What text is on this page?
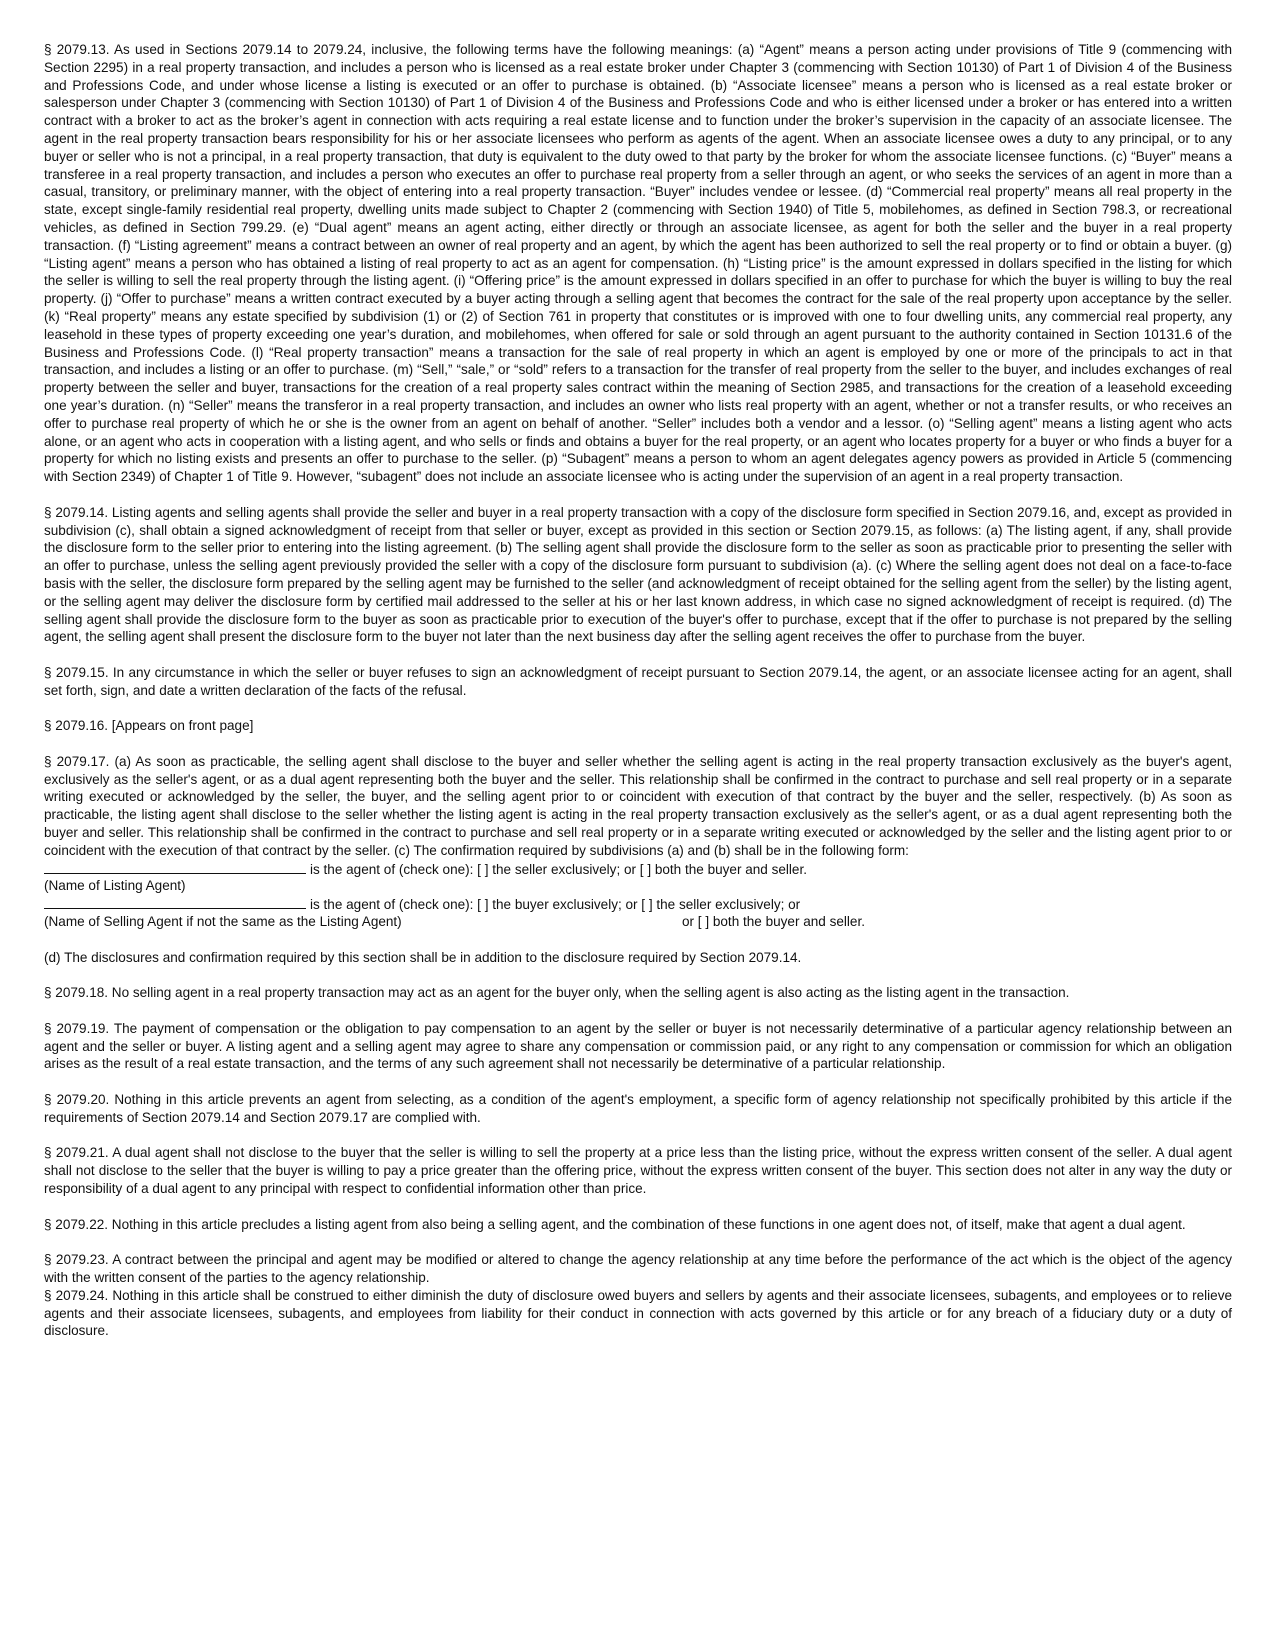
§ 2079.13. As used in Sections 2079.14 to 2079.24, inclusive, the following terms have the following meanings: (a) “Agent” means a person acting under provisions of Title 9 (commencing with Section 2295) in a real property transaction, and includes a person who is licensed as a real estate broker under Chapter 3 (commencing with Section 10130) of Part 1 of Division 4 of the Business and Professions Code, and under whose license a listing is executed or an offer to purchase is obtained. (b) “Associate licensee” means a person who is licensed as a real estate broker or salesperson under Chapter 3 (commencing with Section 10130) of Part 1 of Division 4 of the Business and Professions Code and who is either licensed under a broker or has entered into a written contract with a broker to act as the broker’s agent in connection with acts requiring a real estate license and to function under the broker’s supervision in the capacity of an associate licensee. The agent in the real property transaction bears responsibility for his or her associate licensees who perform as agents of the agent. When an associate licensee owes a duty to any principal, or to any buyer or seller who is not a principal, in a real property transaction, that duty is equivalent to the duty owed to that party by the broker for whom the associate licensee functions. (c) “Buyer” means a transferee in a real property transaction, and includes a person who executes an offer to purchase real property from a seller through an agent, or who seeks the services of an agent in more than a casual, transitory, or preliminary manner, with the object of entering into a real property transaction. “Buyer” includes vendee or lessee. (d) “Commercial real property” means all real property in the state, except single-family residential real property, dwelling units made subject to Chapter 2 (commencing with Section 1940) of Title 5, mobilehomes, as defined in Section 798.3, or recreational vehicles, as defined in Section 799.29. (e) “Dual agent” means an agent acting, either directly or through an associate licensee, as agent for both the seller and the buyer in a real property transaction. (f) “Listing agreement” means a contract between an owner of real property and an agent, by which the agent has been authorized to sell the real property or to find or obtain a buyer. (g) “Listing agent” means a person who has obtained a listing of real property to act as an agent for compensation. (h) “Listing price” is the amount expressed in dollars specified in the listing for which the seller is willing to sell the real property through the listing agent. (i) “Offering price” is the amount expressed in dollars specified in an offer to purchase for which the buyer is willing to buy the real property. (j) “Offer to purchase” means a written contract executed by a buyer acting through a selling agent that becomes the contract for the sale of the real property upon acceptance by the seller. (k) “Real property” means any estate specified by subdivision (1) or (2) of Section 761 in property that constitutes or is improved with one to four dwelling units, any commercial real property, any leasehold in these types of property exceeding one year’s duration, and mobilehomes, when offered for sale or sold through an agent pursuant to the authority contained in Section 10131.6 of the Business and Professions Code. (l) “Real property transaction” means a transaction for the sale of real property in which an agent is employed by one or more of the principals to act in that transaction, and includes a listing or an offer to purchase. (m) “Sell,” “sale,” or “sold” refers to a transaction for the transfer of real property from the seller to the buyer, and includes exchanges of real property between the seller and buyer, transactions for the creation of a real property sales contract within the meaning of Section 2985, and transactions for the creation of a leasehold exceeding one year’s duration. (n) “Seller” means the transferor in a real property transaction, and includes an owner who lists real property with an agent, whether or not a transfer results, or who receives an offer to purchase real property of which he or she is the owner from an agent on behalf of another. “Seller” includes both a vendor and a lessor. (o) “Selling agent” means a listing agent who acts alone, or an agent who acts in cooperation with a listing agent, and who sells or finds and obtains a buyer for the real property, or an agent who locates property for a buyer or who finds a buyer for a property for which no listing exists and presents an offer to purchase to the seller. (p) “Subagent” means a person to whom an agent delegates agency powers as provided in Article 5 (commencing with Section 2349) of Chapter 1 of Title 9. However, “subagent” does not include an associate licensee who is acting under the supervision of an agent in a real property transaction.

§ 2079.14. Listing agents and selling agents shall provide the seller and buyer in a real property transaction with a copy of the disclosure form specified in Section 2079.16, and, except as provided in subdivision (c), shall obtain a signed acknowledgment of receipt from that seller or buyer, except as provided in this section or Section 2079.15, as follows: (a) The listing agent, if any, shall provide the disclosure form to the seller prior to entering into the listing agreement. (b) The selling agent shall provide the disclosure form to the seller as soon as practicable prior to presenting the seller with an offer to purchase, unless the selling agent previously provided the seller with a copy of the disclosure form pursuant to subdivision (a). (c) Where the selling agent does not deal on a face-to-face basis with the seller, the disclosure form prepared by the selling agent may be furnished to the seller (and acknowledgment of receipt obtained for the selling agent from the seller) by the listing agent, or the selling agent may deliver the disclosure form by certified mail addressed to the seller at his or her last known address, in which case no signed acknowledgment of receipt is required. (d) The selling agent shall provide the disclosure form to the buyer as soon as practicable prior to execution of the buyer's offer to purchase, except that if the offer to purchase is not prepared by the selling agent, the selling agent shall present the disclosure form to the buyer not later than the next business day after the selling agent receives the offer to purchase from the buyer.

§ 2079.15. In any circumstance in which the seller or buyer refuses to sign an acknowledgment of receipt pursuant to Section 2079.14, the agent, or an associate licensee acting for an agent, shall set forth, sign, and date a written declaration of the facts of the refusal.

§ 2079.16. [Appears on front page]

§ 2079.17. (a) As soon as practicable, the selling agent shall disclose to the buyer and seller whether the selling agent is acting in the real property transaction exclusively as the buyer's agent, exclusively as the seller's agent, or as a dual agent representing both the buyer and the seller. This relationship shall be confirmed in the contract to purchase and sell real property or in a separate writing executed or acknowledged by the seller, the buyer, and the selling agent prior to or coincident with execution of that contract by the buyer and the seller, respectively. (b) As soon as practicable, the listing agent shall disclose to the seller whether the listing agent is acting in the real property transaction exclusively as the seller's agent, or as a dual agent representing both the buyer and seller. This relationship shall be confirmed in the contract to purchase and sell real property or in a separate writing executed or acknowledged by the seller and the listing agent prior to or coincident with the execution of that contract by the seller. (c) The confirmation required by subdivisions (a) and (b) shall be in the following form:

is the agent of (check one): [ ] the seller exclusively; or [ ] both the buyer and seller.
(Name of Listing Agent)
is the agent of (check one): [ ] the buyer exclusively; or [ ] the seller exclusively; or
(Name of Selling Agent if not the same as the Listing Agent)	or [ ] both the buyer and seller.

(d) The disclosures and confirmation required by this section shall be in addition to the disclosure required by Section 2079.14.

§ 2079.18. No selling agent in a real property transaction may act as an agent for the buyer only, when the selling agent is also acting as the listing agent in the transaction.

§ 2079.19. The payment of compensation or the obligation to pay compensation to an agent by the seller or buyer is not necessarily determinative of a particular agency relationship between an agent and the seller or buyer. A listing agent and a selling agent may agree to share any compensation or commission paid, or any right to any compensation or commission for which an obligation arises as the result of a real estate transaction, and the terms of any such agreement shall not necessarily be determinative of a particular relationship.

§ 2079.20. Nothing in this article prevents an agent from selecting, as a condition of the agent's employment, a specific form of agency relationship not specifically prohibited by this article if the requirements of Section 2079.14 and Section 2079.17 are complied with.

§ 2079.21. A dual agent shall not disclose to the buyer that the seller is willing to sell the property at a price less than the listing price, without the express written consent of the seller. A dual agent shall not disclose to the seller that the buyer is willing to pay a price greater than the offering price, without the express written consent of the buyer. This section does not alter in any way the duty or responsibility of a dual agent to any principal with respect to confidential information other than price.

§ 2079.22. Nothing in this article precludes a listing agent from also being a selling agent, and the combination of these functions in one agent does not, of itself, make that agent a dual agent.

§ 2079.23. A contract between the principal and agent may be modified or altered to change the agency relationship at any time before the performance of the act which is the object of the agency with the written consent of the parties to the agency relationship.

§ 2079.24. Nothing in this article shall be construed to either diminish the duty of disclosure owed buyers and sellers by agents and their associate licensees, subagents, and employees or to relieve agents and their associate licensees, subagents, and employees from liability for their conduct in connection with acts governed by this article or for any breach of a fiduciary duty or a duty of disclosure.
